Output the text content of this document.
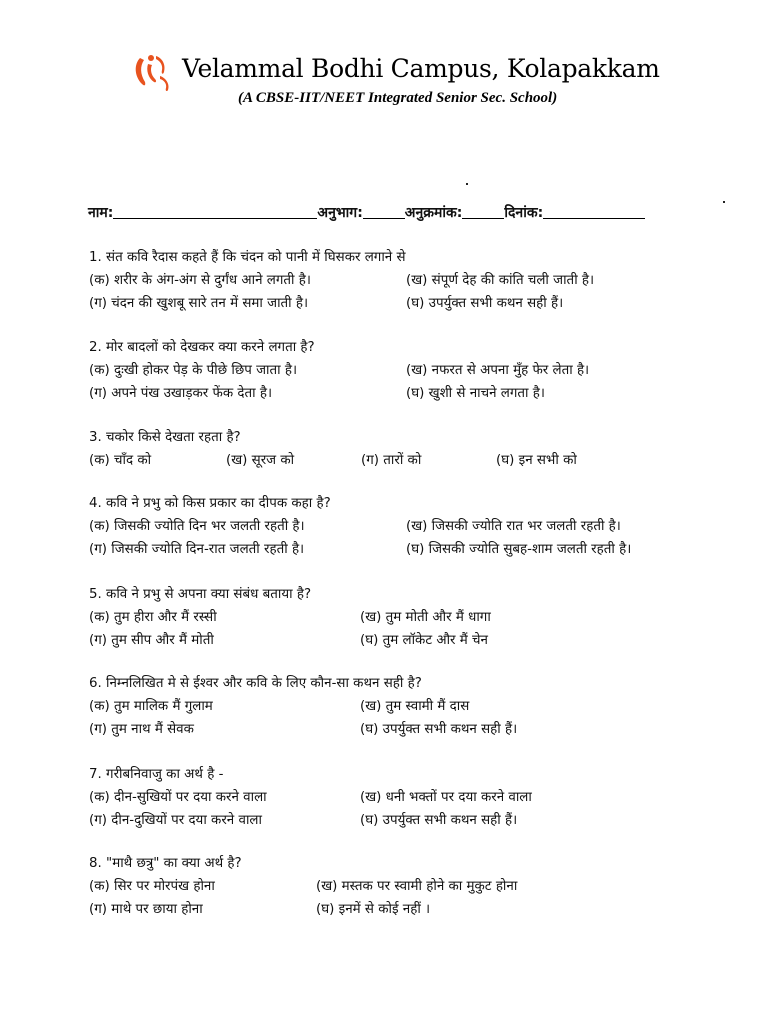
Velammal Bodhi Campus, Kolapakkam
(A CBSE-IIT/NEET Integrated Senior Sec. School)
नाम:	अनुभाग:	अनुक्रमांक:	दिनांक:
1. संत कवि रैदास कहते हैं कि चंदन को पानी में घिसकर लगाने से
(क) शरीर के अंग-अंग से दुर्गंध आने लगती है।	(ख) संपूर्ण देह की कांति चली जाती है।
(ग) चंदन की खुशबू सारे तन में समा जाती है।	(घ) उपर्युक्त सभी कथन सही हैं।
2. मोर बादलों को देखकर क्या करने लगता है?
(क) दुःखी होकर पेड़ के पीछे छिप जाता है।	(ख) नफरत से अपना मुँह फेर लेता है।
(ग) अपने पंख उखाड़कर फेंक देता है।	(घ) खुशी से नाचने लगता है।
3. चकोर किसे देखता रहता है?
(क) चाँद को	(ख) सूरज को	(ग) तारों को	(घ) इन सभी को
4. कवि ने प्रभु को किस प्रकार का दीपक कहा है?
(क) जिसकी ज्योति दिन भर जलती रहती है।	(ख) जिसकी ज्योति रात भर जलती रहती है।
(ग) जिसकी ज्योति दिन-रात जलती रहती है।	(घ) जिसकी ज्योति सुबह-शाम जलती रहती है।
5. कवि ने प्रभु से अपना क्या संबंध बताया है?
(क) तुम हीरा और मैं रस्सी	(ख) तुम मोती और मैं धागा
(ग) तुम सीप और मैं मोती	(घ) तुम लॉकेट और मैं चेन
6. निम्नलिखित मे से ईश्वर और कवि के लिए कौन-सा कथन सही है?
(क) तुम मालिक मैं गुलाम	(ख) तुम स्वामी मैं दास
(ग) तुम नाथ मैं सेवक	(घ) उपर्युक्त सभी कथन सही हैं।
7. गरीबनिवाजु का अर्थ है -
(क) दीन-सुखियों पर दया करने वाला	(ख) धनी भक्तों पर दया करने वाला
(ग) दीन-दुखियों पर दया करने वाला	(घ) उपर्युक्त सभी कथन सही हैं।
8. "माथै छत्रु" का क्या अर्थ है?
(क) सिर पर मोरपंख होना	(ख) मस्तक पर स्वामी होने का मुकुट होना
(ग) माथे पर छाया होना	(घ) इनमें से कोई नहीं ।
